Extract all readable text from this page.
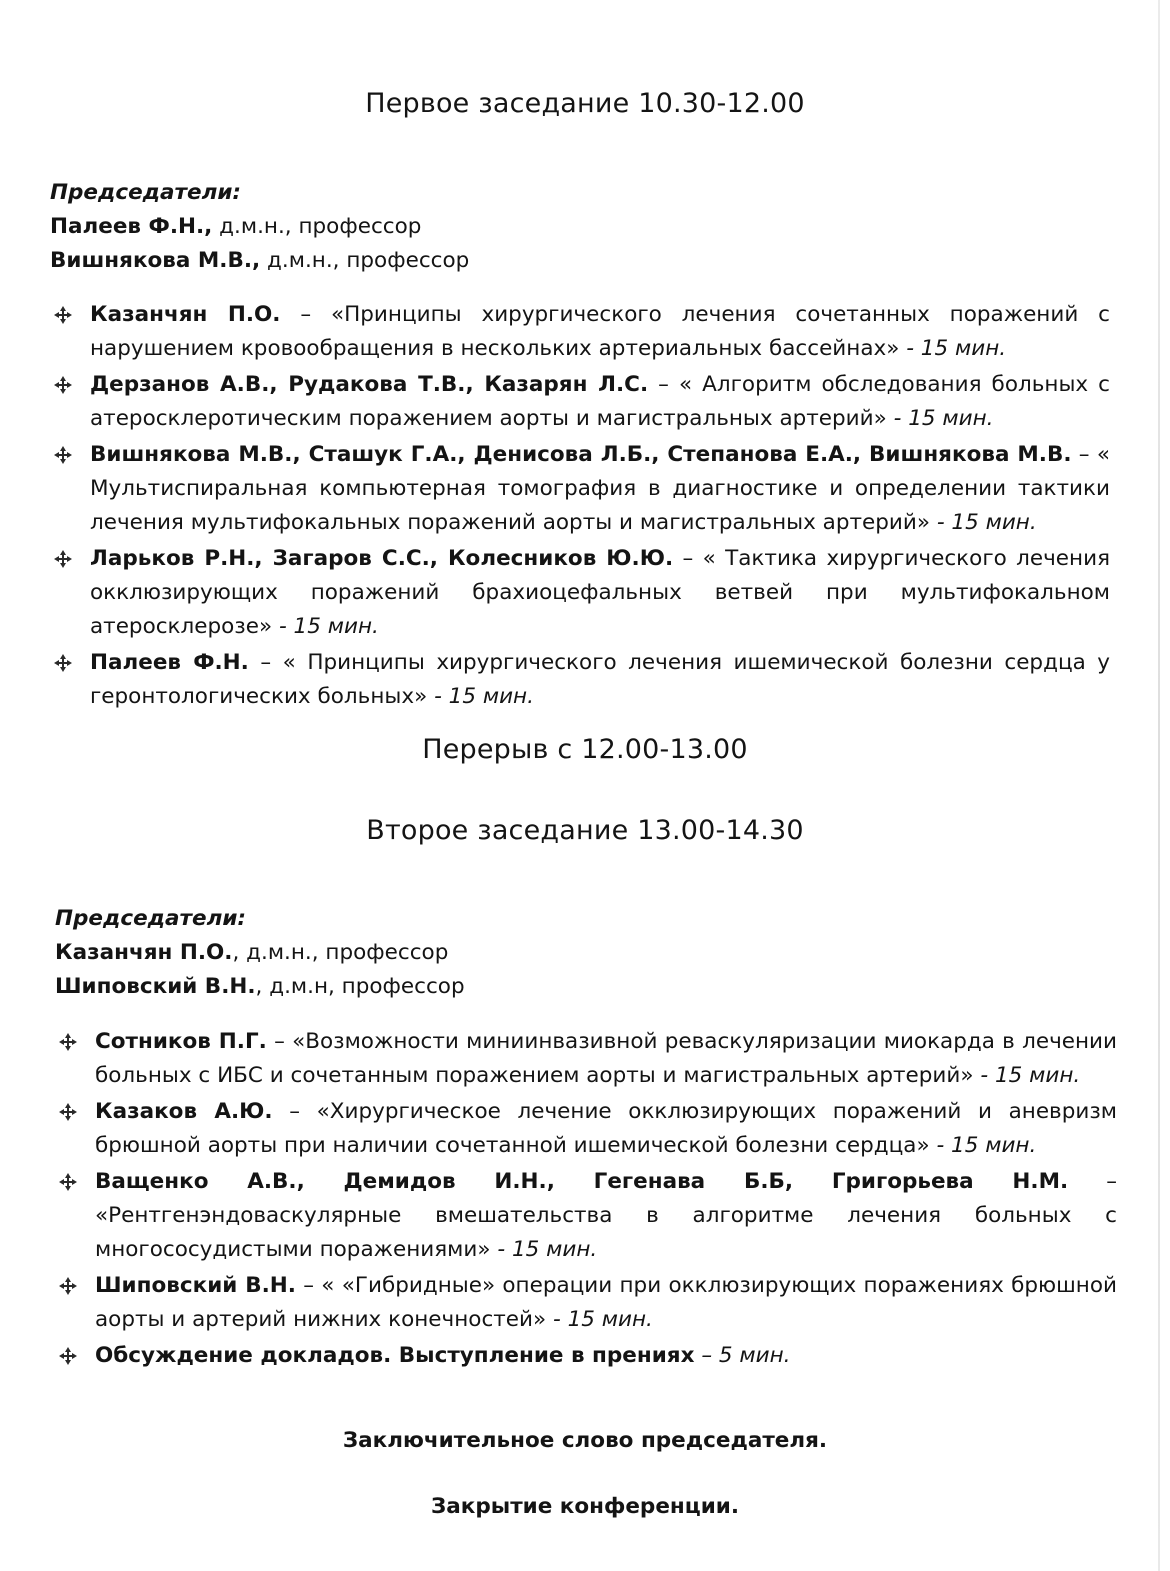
Первое заседание 10.30-12.00
Председатели:
Палеев Ф.Н., д.м.н., профессор
Вишнякова М.В., д.м.н., профессор
Казанчян П.О. – «Принципы хирургического лечения сочетанных поражений с нарушением кровообращения в нескольких артериальных бассейнах» - 15 мин.
Дерзанов А.В., Рудакова Т.В., Казарян Л.С. – « Алгоритм обследования больных с атеросклеротическим поражением аорты и магистральных артерий» - 15 мин.
Вишнякова М.В., Сташук Г.А., Денисова Л.Б., Степанова Е.А., Вишнякова М.В. – « Мультиспиральная компьютерная томография в диагностике и определении тактики лечения мультифокальных поражений аорты и магистральных артерий» - 15 мин.
Ларьков Р.Н., Загаров С.С., Колесников Ю.Ю. – « Тактика хирургического лечения окклюзирующих поражений брахиоцефальных ветвей при мультифокальном атеросклерозе» - 15 мин.
Палеев Ф.Н. – « Принципы хирургического лечения ишемической болезни сердца у геронтологических больных» - 15 мин.
Перерыв с 12.00-13.00
Второе заседание 13.00-14.30
Председатели:
Казанчян П.О., д.м.н., профессор
Шиповский В.Н., д.м.н, профессор
Сотников П.Г. – «Возможности миниинвазивной реваскуляризации миокарда в лечении больных с ИБС и сочетанным поражением аорты и магистральных артерий» - 15 мин.
Казаков А.Ю. – «Хирургическое лечение окклюзирующих поражений и аневризм брюшной аорты при наличии сочетанной ишемической болезни сердца» - 15 мин.
Ващенко А.В., Демидов И.Н., Гегенава Б.Б, Григорьева Н.М. – «Рентгенэндоваскулярные вмешательства в алгоритме лечения больных с многососудистыми поражениями» - 15 мин.
Шиповский В.Н. – « «Гибридные» операции при окклюзирующих поражениях брюшной аорты и артерий нижних конечностей» - 15 мин.
Обсуждение докладов. Выступление в прениях – 5 мин.
Заключительное слово председателя.
Закрытие конференции.
